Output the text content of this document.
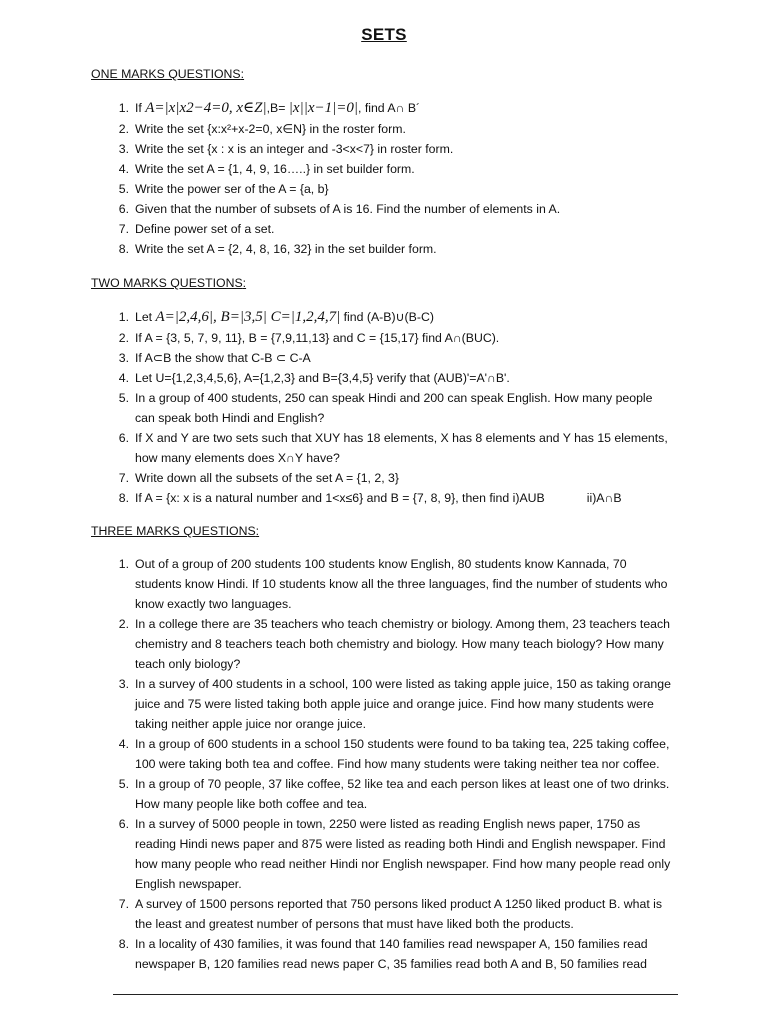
SETS
ONE MARKS QUESTIONS:
1. If A=|x|x2−4=0, x∈Z|,B= |x||x−1|=0|, find A∩ B´
2. Write the set {x:x²+x-2=0, x∈N} in the roster form.
3. Write the set {x : x is an integer and -3<x<7} in roster form.
4. Write the set A = {1, 4, 9, 16…..} in set builder form.
5. Write the power ser of the A = {a, b}
6. Given that the number of subsets of A is 16. Find the number of elements in A.
7. Define power set of a set.
8. Write the set A = {2, 4, 8, 16, 32} in the set builder form.
TWO MARKS QUESTIONS:
1. Let A=|2,4,6|, B=|3,5| C=|1,2,4,7| find (A-B)∪(B-C)
2. If A = {3, 5, 7, 9, 11}, B = {7,9,11,13} and C = {15,17} find A∩(BUC).
3. If A⊂B the show that C-B ⊂ C-A
4. Let U={1,2,3,4,5,6}, A={1,2,3} and B={3,4,5} verify that (AUB)'=A'∩B'.
5. In a group of 400 students, 250 can speak Hindi and 200 can speak English. How many people can speak both Hindi and English?
6. If X and Y are two sets such that XUY has 18 elements, X has 8 elements and Y has 15 elements, how many elements does X∩Y have?
7. Write down all the subsets of the set A = {1, 2, 3}
8. If A = {x: x is a natural number and 1<x≤6} and B = {7, 8, 9}, then find i)AUB	ii)A∩B
THREE MARKS QUESTIONS:
1. Out of a group of 200 students 100 students know English, 80 students know Kannada, 70 students know Hindi. If 10 students know all the three languages, find the number of students who know exactly two languages.
2. In a college there are 35 teachers who teach chemistry or biology. Among them, 23 teachers teach chemistry and 8 teachers teach both chemistry and biology. How many teach biology? How many teach only biology?
3. In a survey of 400 students in a school, 100 were listed as taking apple juice, 150 as taking orange juice and 75 were listed taking both apple juice and orange juice. Find how many students were taking neither apple juice nor orange juice.
4. In a group of 600 students in a school 150 students were found to ba taking tea, 225 taking coffee, 100 were taking both tea and coffee. Find how many students were taking neither tea nor coffee.
5. In a group of 70 people, 37 like coffee, 52 like tea and each person likes at least one of two drinks. How many people like both coffee and tea.
6. In a survey of 5000 people in town, 2250 were listed as reading English news paper, 1750 as reading Hindi news paper and 875 were listed as reading both Hindi and English newspaper. Find how many people who read neither Hindi nor English newspaper. Find how many people read only English newspaper.
7. A survey of 1500 persons reported that 750 persons liked product A 1250 liked product B. what is the least and greatest number of persons that must have liked both the products.
8. In a locality of 430 families, it was found that 140 families read newspaper A, 150 families read newspaper B, 120 families read news paper C, 35 families read both A and B, 50 families read
